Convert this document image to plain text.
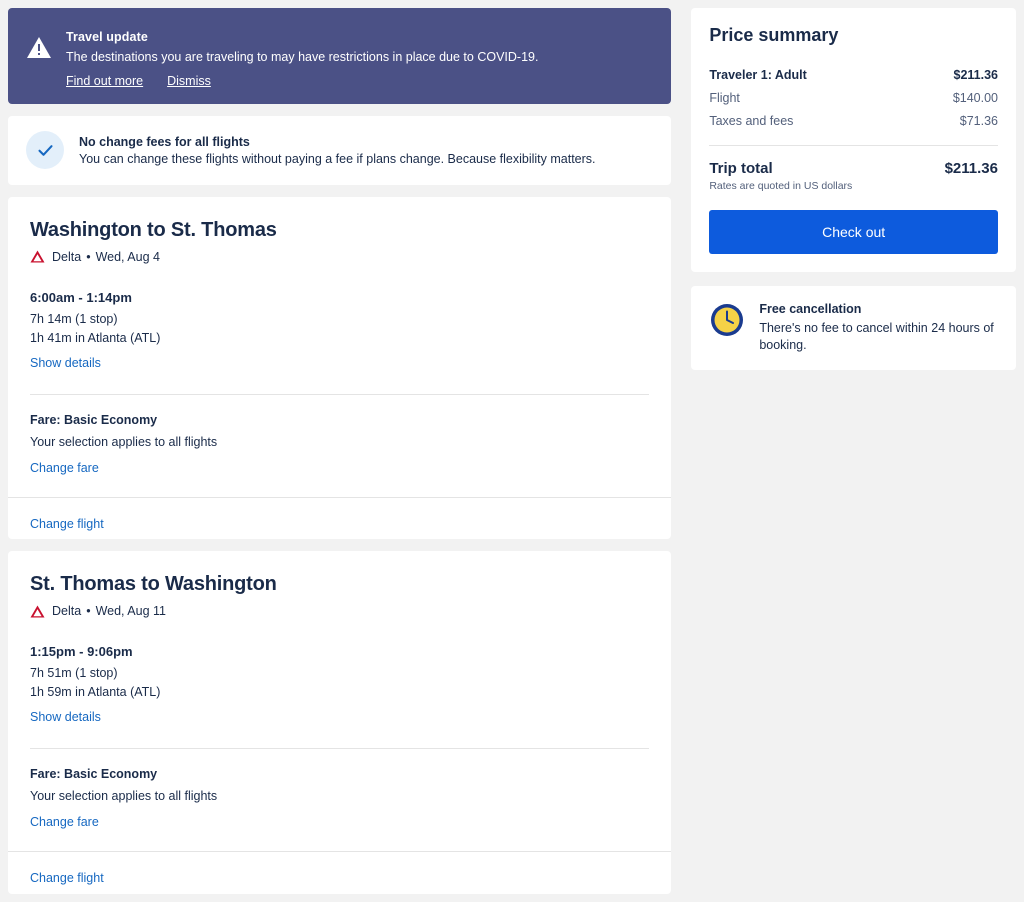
Travel update
The destinations you are traveling to may have restrictions in place due to COVID-19.
Find out more Dismiss
No change fees for all flights
You can change these flights without paying a fee if plans change. Because flexibility matters.
Washington to St. Thomas
Delta • Wed, Aug 4
6:00am - 1:14pm
7h 14m (1 stop)
1h 41m in Atlanta (ATL)
Show details
Fare: Basic Economy
Your selection applies to all flights
Change fare
Change flight
St. Thomas to Washington
Delta • Wed, Aug 11
1:15pm - 9:06pm
7h 51m (1 stop)
1h 59m in Atlanta (ATL)
Show details
Fare: Basic Economy
Your selection applies to all flights
Change fare
Change flight
Price summary
Traveler 1: Adult	$211.36
Flight	$140.00
Taxes and fees	$71.36
Trip total	$211.36
Rates are quoted in US dollars
Check out
Free cancellation
There's no fee to cancel within 24 hours of booking.
